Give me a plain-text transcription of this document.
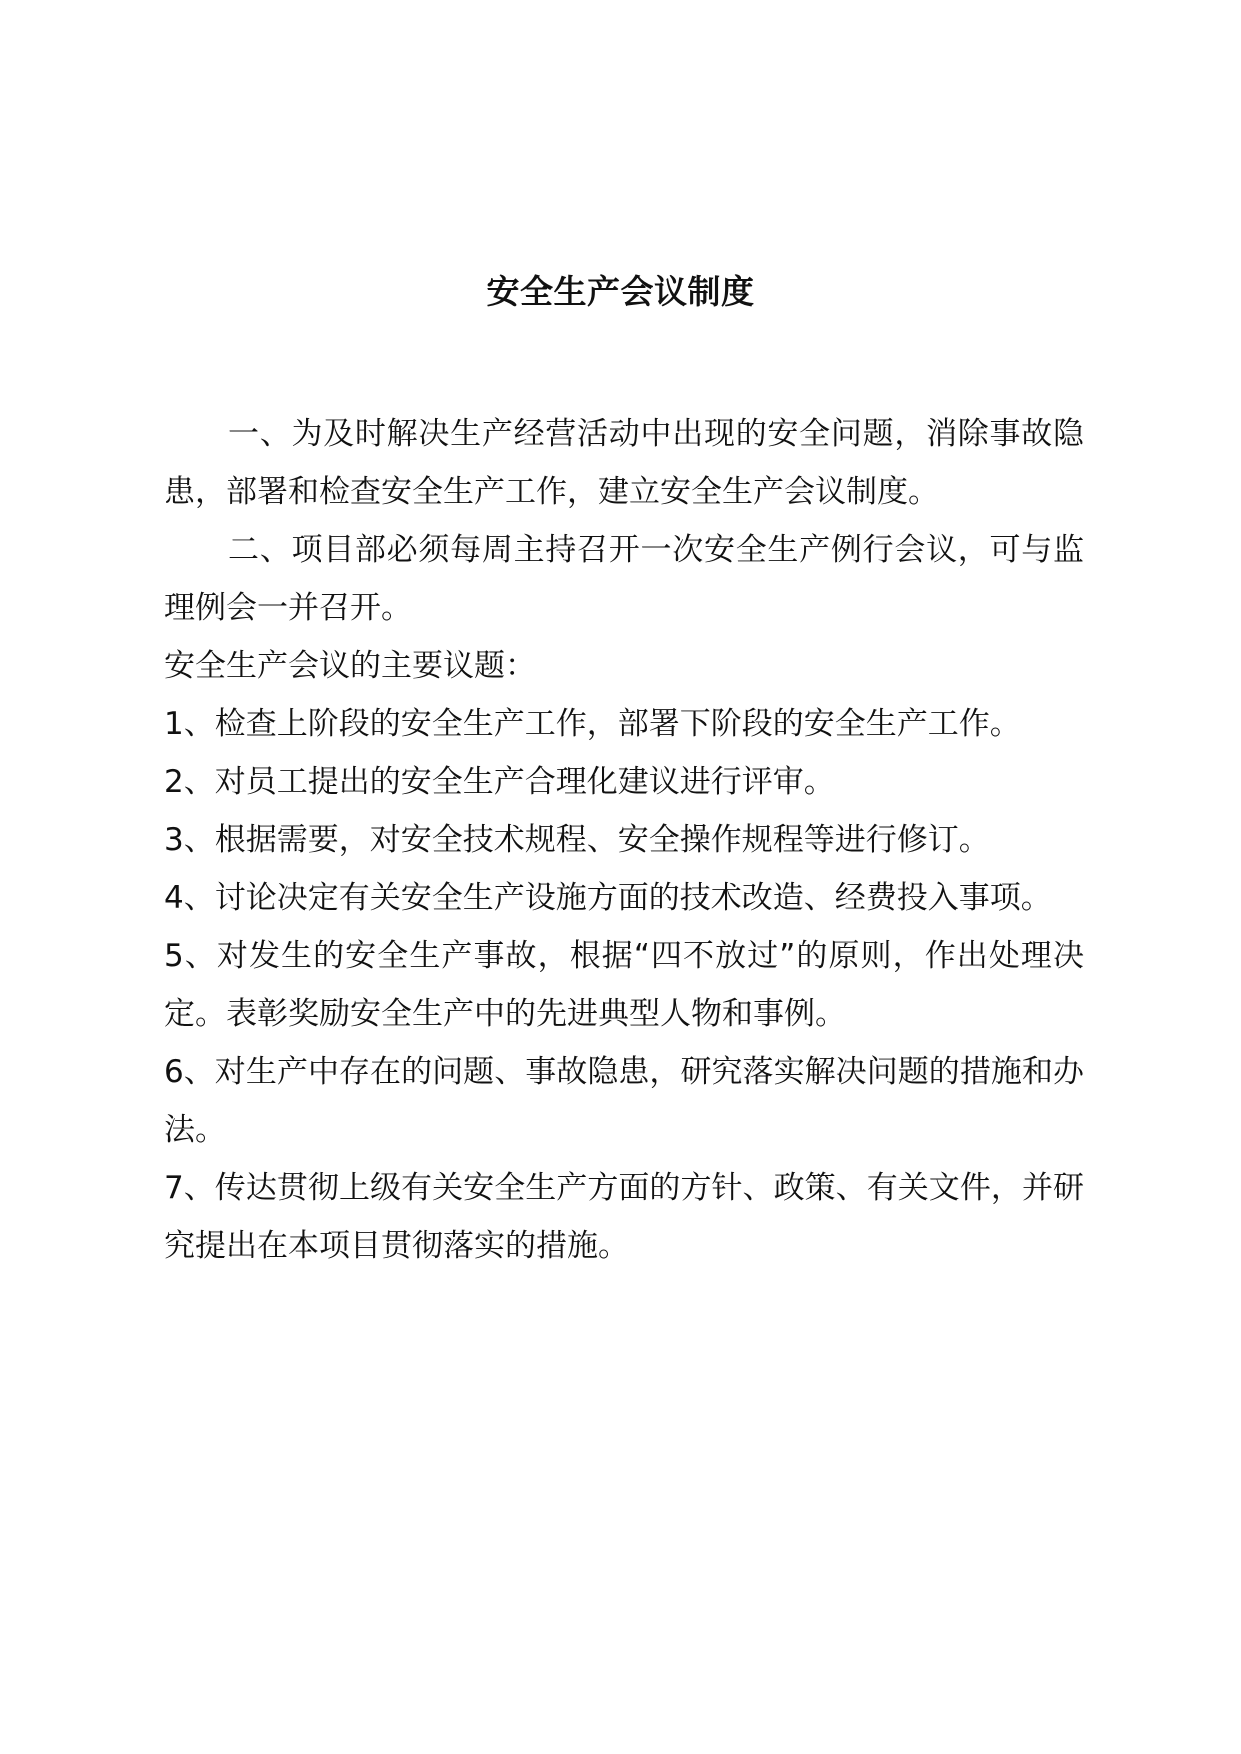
安全生产会议制度

一、为及时解决生产经营活动中出现的安全问题，消除事故隐患，部署和检查安全生产工作，建立安全生产会议制度。

二、项目部必须每周主持召开一次安全生产例行会议，可与监理例会一并召开。

安全生产会议的主要议题：

1、检查上阶段的安全生产工作，部署下阶段的安全生产工作。

2、对员工提出的安全生产合理化建议进行评审。

3、根据需要，对安全技术规程、安全操作规程等进行修订。

4、讨论决定有关安全生产设施方面的技术改造、经费投入事项。

5、对发生的安全生产事故，根据“四不放过”的原则，作出处理决定。表彰奖励安全生产中的先进典型人物和事例。

6、对生产中存在的问题、事故隐患，研究落实解决问题的措施和办法。

7、传达贯彻上级有关安全生产方面的方针、政策、有关文件，并研究提出在本项目贯彻落实的措施。
